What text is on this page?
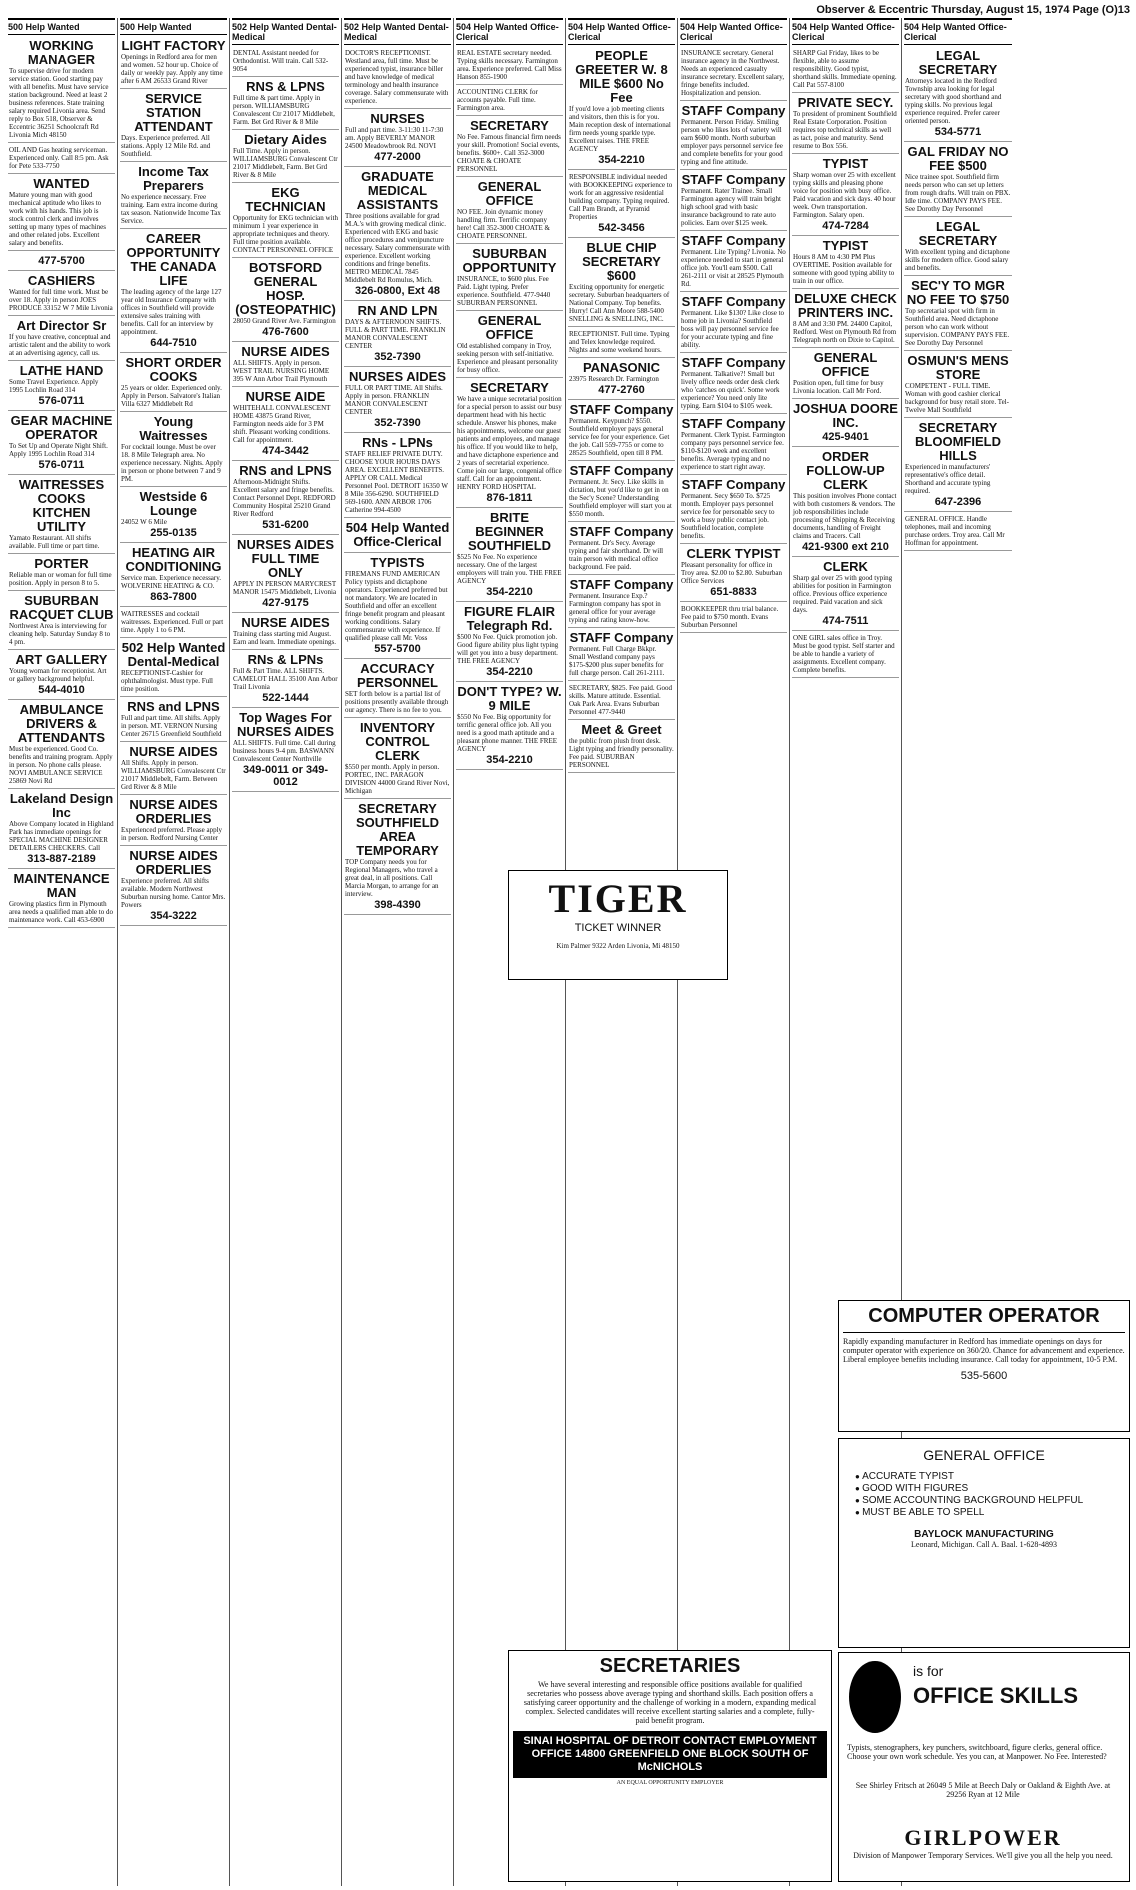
Observer & Eccentric Thursday, August 15, 1974 Page (O)13
500 Help Wanted
WORKING MANAGER
To supervise drive for modern service station. Good starting pay with all benefits. Must have service station background. Need at least 2 business references. State training salary required Livonia area. Send reply to Box 518, Observer & Eccentric 36251 Schoolcraft Rd Livonia Mich 48150
OIL AND Gas heating serviceman. Experienced only. Call 8:5 pm. Ask for Pete 533-7750
WANTED
Mature young man with good mechanical aptitude who likes to work with his hands. This job is stock control clerk and involves setting up many types of machines and other related jobs. Excellent salary and benefits.
477-5700
CASHIERS
Wanted for full time work. Must be over 18. Apply in person JOES PRODUCE 33152 W 7 Mile Livonia
Art Director Sr
If you have creative, conceptual and artistic talent and the ability to work at an advertising agency, call us.
LATHE HAND
Some Travel Experience. Apply 1995 Lochlin Road 314
576-0711
GEAR MACHINE OPERATOR
To Set Up and Operate Night Shift. Apply 1995 Lochlin Road 314
576-0711
WAITRESSES COOKS KITCHEN UTILITY
Yamato Restaurant. All shifts available. Full time or part time.
PORTER
Reliable man or woman for full time position. Apply in person 8 to 5.
SUBURBAN RACQUET CLUB
Northwest Area is interviewing for cleaning help. Saturday Sunday 8 to 4 pm.
ART GALLERY
Young woman for receptionist. Art or gallery background helpful.
544-4010
AMBULANCE DRIVERS & ATTENDANTS
Must be experienced. Good Co. benefits and training program. Apply in person. No phone calls please. NOVI AMBULANCE SERVICE 25869 Novi Rd
Lakeland Design Inc
Above Company located in Highland Park has immediate openings for SPECIAL MACHINE DESIGNER DETAILERS CHECKERS. Call
313-887-2189
MAINTENANCE MAN
Growing plastics firm in Plymouth area needs a qualified man able to do maintenance work. Call 453-6900
500 Help Wanted
LIGHT FACTORY
Openings in Redford area for men and women. 52 hour up. Choice of daily or weekly pay. Apply any time after 6 AM 26533 Grand River
SERVICE STATION ATTENDANT
Days. Experience preferred. All stations. Apply 12 Mile Rd. and Southfield.
Income Tax Preparers
No experience necessary. Free training. Earn extra income during tax season. Nationwide Income Tax Service.
CAREER OPPORTUNITY THE CANADA LIFE
The leading agency of the large 127 year old Insurance Company with offices in Southfield will provide extensive sales training with benefits. Call for an interview by appointment.
644-7510
SHORT ORDER COOKS
25 years or older. Experienced only. Apply in Person. Salvatore's Italian Villa 6327 Middlebelt Rd
Young Waitresses
For cocktail lounge. Must be over 18. 8 Mile Telegraph area. No experience necessary. Nights. Apply in person or phone between 7 and 9 PM.
Westside 6 Lounge
24052 W 6 Mile
255-0135
HEATING AIR CONDITIONING
Service man. Experience necessary. WOLVERINE HEATING & CO.
863-7800
WAITRESSES and cocktail waitresses. Experienced. Full or part time. Apply 1 to 6 PM.
502 Help Wanted Dental-Medical
RECEPTIONIST-Cashier for ophthalmologist. Must type. Full time position.
RNS and LPNS
Full and part time. All shifts. Apply in person. MT. VERNON Nursing Center 26715 Greenfield Southfield
NURSE AIDES
All Shifts. Apply in person. WILLIAMSBURG Convalescent Ctr 21017 Middlebelt, Farm. Between Grd River & 8 Mile
NURSE AIDES ORDERLIES
Experienced preferred. Please apply in person. Redford Nursing Center
NURSE AIDES ORDERLIES
Experience preferred. All shifts available. Modern Northwest Suburban nursing home. Cantor Mrs. Powers
354-3222
502 Help Wanted Dental-Medical
DENTAL Assistant needed for Orthodontist. Will train. Call 532-9054
RNS & LPNS
Full time & part time. Apply in person. WILLIAMSBURG Convalescent Ctr 21017 Middlebelt, Farm. Bet Grd River & 8 Mile
Dietary Aides
Full Time. Apply in person. WILLIAMSBURG Convalescent Ctr 21017 Middlebelt, Farm. Bet Grd River & 8 Mile
EKG TECHNICIAN
Opportunity for EKG technician with minimum 1 year experience in appropriate techniques and theory. Full time position available. CONTACT PERSONNEL OFFICE
BOTSFORD GENERAL HOSP. (OSTEOPATHIC)
28050 Grand River Ave. Farmington
476-7600
NURSE AIDES
ALL SHIFTS. Apply in person. WEST TRAIL NURSING HOME 395 W Ann Arbor Trail Plymouth
NURSE AIDE
WHITEHALL CONVALESCENT HOME 43875 Grand River, Farmington needs aide for 3 PM shift. Pleasant working conditions. Call for appointment.
474-3442
RNS and LPNS
Afternoon-Midnight Shifts. Excellent salary and fringe benefits. Contact Personnel Dept. REDFORD Community Hospital 25210 Grand River Redford
531-6200
NURSES AIDES FULL TIME ONLY
APPLY IN PERSON MARYCREST MANOR 15475 Middlebelt, Livonia
427-9175
NURSE AIDES
Training class starting mid August. Earn and learn. Immediate openings.
RNs & LPNs
Full & Part Time. ALL SHIFTS. CAMELOT HALL 35100 Ann Arbor Trail Livonia
522-1444
Top Wages For NURSES AIDES
ALL SHIFTS. Full time. Call during business hours 9-4 pm. BASWANN Convalescent Center Northville
349-0011 or 349-0012
502 Help Wanted Dental-Medical
DOCTOR'S RECEPTIONIST. Westland area, full time. Must be experienced typist, insurance biller and have knowledge of medical terminology and health insurance coverage. Salary commensurate with experience.
NURSES
Full and part time. 3-11:30 11-7:30 am. Apply BEVERLY MANOR 24500 Meadowbrook Rd. NOVI
477-2000
GRADUATE MEDICAL ASSISTANTS
Three positions available for grad M.A.'s with growing medical clinic. Experienced with EKG and basic office procedures and venipuncture necessary. Salary commensurate with experience. Excellent working conditions and fringe benefits. METRO MEDICAL 7845 Middlebelt Rd Romulus, Mich.
326-0800, Ext 48
RN AND LPN
DAYS & AFTERNOON SHIFTS. FULL & PART TIME. FRANKLIN MANOR CONVALESCENT CENTER
352-7390
NURSES AIDES
FULL OR PART TIME. All Shifts. Apply in person. FRANKLIN MANOR CONVALESCENT CENTER
352-7390
RNs - LPNs
STAFF RELIEF PRIVATE DUTY. CHOOSE YOUR HOURS DAYS AREA. EXCELLENT BENEFITS. APPLY OR CALL Medical Personnel Pool. DETROIT 16350 W 8 Mile 356-6290. SOUTHFIELD 569-1600. ANN ARBOR 1706 Catherine 994-4500
504 Help Wanted Office-Clerical
TYPISTS
FIREMANS FUND AMERICAN Policy typists and dictaphone operators. Experienced preferred but not mandatory. We are located in Southfield and offer an excellent fringe benefit program and pleasant working conditions. Salary commensurate with experience. If qualified please call Mr. Voss
557-5700
ACCURACY PERSONNEL
SET forth below is a partial list of positions presently available through our agency. There is no fee to you.
INVENTORY CONTROL CLERK
$550 per month. Apply in person. PORTEC, INC. PARAGON DIVISION 44000 Grand River Novi, Michigan
SECRETARY SOUTHFIELD AREA TEMPORARY
TOP Company needs you for Regional Managers, who travel a great deal, in all positions. Call Marcia Morgan, to arrange for an interview.
398-4390
504 Help Wanted Office-Clerical
REAL ESTATE secretary needed. Typing skills necessary. Farmington area. Experience preferred. Call Miss Hanson 855-1900
ACCOUNTING CLERK for accounts payable. Full time. Farmington area.
SECRETARY
No Fee. Famous financial firm needs your skill. Promotion! Social events, benefits. $600+. Call 352-3000 CHOATE & CHOATE PERSONNEL
GENERAL OFFICE
NO FEE. Join dynamic money handling firm. Terrific company here! Call 352-3000 CHOATE & CHOATE PERSONNEL
SUBURBAN OPPORTUNITY
INSURANCE, to $600 plus. Fee Paid. Light typing. Prefer experience. Southfield. 477-9440 SUBURBAN PERSONNEL
GENERAL OFFICE
Old established company in Troy, seeking person with self-initiative. Experience and pleasant personality for busy office.
SECRETARY
We have a unique secretarial position for a special person to assist our busy department head with his hectic schedule. Answer his phones, make his appointments, welcome our guest patients and employees, and manage his office. If you would like to help, and have dictaphone experience and 2 years of secretarial experience. Come join our large, congenial office staff. Call for an appointment. HENRY FORD HOSPITAL
876-1811
BRITE BEGINNER SOUTHFIELD
$525 No Fee. No experience necessary. One of the largest employers will train you. THE FREE AGENCY
354-2210
FIGURE FLAIR Telegraph Rd.
$500 No Fee. Quick promotion job. Good figure ability plus light typing will get you into a busy department. THE FREE AGENCY
354-2210
DON'T TYPE? W. 9 MILE
$550 No Fee. Big opportunity for terrific general office job. All you need is a good math aptitude and a pleasant phone manner. THE FREE AGENCY
354-2210
504 Help Wanted Office-Clerical
PEOPLE GREETER W. 8 MILE $600 No Fee
If you'd love a job meeting clients and visitors, then this is for you. Main reception desk of international firm needs young sparkle type. Excellent raises. THE FREE AGENCY
354-2210
RESPONSIBLE individual needed with BOOKKEEPING experience to work for an aggressive residential building company. Typing required. Call Pam Brandt, at Pyramid Properties
542-3456
BLUE CHIP SECRETARY $600
Exciting opportunity for energetic secretary. Suburban headquarters of National Company. Top benefits. Hurry! Call Ann Moore 588-5400 SNELLING & SNELLING, INC.
RECEPTIONIST. Full time. Typing and Telex knowledge required. Nights and some weekend hours.
PANASONIC
23975 Research Dr. Farmington
477-2760
STAFF Company
Permanent. Keypunch? $550. Southfield employer pays general service fee for your experience. Get the job. Call 559-7755 or come to 28525 Southfield, open till 8 PM.
STAFF Company
Permanent. Jr. Secy. Like skills in dictation, but you'd like to get in on the Sec'y Scene? Understanding Southfield employer will start you at $550 month.
STAFF Company
Permanent. Dr's Secy. Average typing and fair shorthand. Dr will train person with medical office background. Fee paid.
STAFF Company
Permanent. Insurance Exp.? Farmington company has spot in general office for your average typing and rating know-how.
STAFF Company
Permanent. Full Charge Bkkpr. Small Westland company pays $175-$200 plus super benefits for full charge person. Call 261-2111.
SECRETARY, $825. Fee paid. Good skills. Mature attitude. Essential. Oak Park Area. Evans Suburban Personnel 477-9440
Meet & Greet
the public from plush front desk. Light typing and friendly personality. Fee paid. SUBURBAN PERSONNEL
504 Help Wanted Office-Clerical
INSURANCE secretary. General insurance agency in the Northwest. Needs an experienced casualty insurance secretary. Excellent salary, fringe benefits included. Hospitalization and pension.
STAFF Company
Permanent. Person Friday. Smiling person who likes lots of variety will earn $600 month. North suburban employer pays personnel service fee and complete benefits for your good typing and fine attitude.
STAFF Company
Permanent. Rater Trainee. Small Farmington agency will train bright high school grad with basic insurance background to rate auto policies. Earn over $125 week.
STAFF Company
Permanent. Lite Typing? Livonia. No experience needed to start in general office job. You'll earn $500. Call 261-2111 or visit at 28525 Plymouth Rd.
STAFF Company
Permanent. Like $130? Like close to home job in Livonia? Southfield boss will pay personnel service fee for your accurate typing and fine ability.
STAFF Company
Permanent. Talkative?! Small but lively office needs order desk clerk who 'catches on quick'. Some work experience? You need only lite typing. Earn $104 to $105 week.
STAFF Company
Permanent. Clerk Typist. Farmington company pays personnel service fee. $110-$120 week and excellent benefits. Average typing and no experience to start right away.
STAFF Company
Permanent. Secy $650 To. $725 month. Employer pays personnel service fee for personable secy to work a busy public contact job. Southfield location, complete benefits.
CLERK TYPIST
Pleasant personality for office in Troy area. $2.00 to $2.80. Suburban Office Services
651-8833
BOOKKEEPER thru trial balance. Fee paid to $750 month. Evans Suburban Personnel
504 Help Wanted Office-Clerical
SHARP Gal Friday, likes to be flexible, able to assume responsibility. Good typist, shorthand skills. Immediate opening. Call Pat 557-8100
PRIVATE SECY.
To president of prominent Southfield Real Estate Corporation. Position requires top technical skills as well as tact, poise and maturity. Send resume to Box 556.
TYPIST
Sharp woman over 25 with excellent typing skills and pleasing phone voice for position with busy office. Paid vacation and sick days. 40 hour week. Own transportation. Farmington. Salary open.
474-7284
TYPIST
Hours 8 AM to 4:30 PM Plus OVERTIME. Position available for someone with good typing ability to train in our office.
DELUXE CHECK PRINTERS INC.
8 AM and 3:30 PM. 24400 Capitol, Redford. West on Plymouth Rd from Telegraph north on Dixie to Capitol.
GENERAL OFFICE
Position open, full time for busy Livonia location. Call Mr Ford.
JOSHUA DOORE INC.
425-9401
ORDER FOLLOW-UP CLERK
This position involves Phone contact with both customers & vendors. The job responsibilities include processing of Shipping & Receiving documents, handling of Freight claims and Tracers. Call
421-9300 ext 210
CLERK
Sharp gal over 25 with good typing abilities for position in Farmington office. Previous office experience required. Paid vacation and sick days.
474-7511
ONE GIRL sales office in Troy. Must be good typist. Self starter and be able to handle a variety of assignments. Excellent company. Complete benefits.
504 Help Wanted Office-Clerical
LEGAL SECRETARY
Attorneys located in the Redford Township area looking for legal secretary with good shorthand and typing skills. No previous legal experience required. Prefer career oriented person.
534-5771
GAL FRIDAY NO FEE $500
Nice trainee spot. Southfield firm needs person who can set up letters from rough drafts. Will train on PBX. Idle time. COMPANY PAYS FEE. See Dorothy Day Personnel
LEGAL SECRETARY
With excellent typing and dictaphone skills for modern office. Good salary and benefits.
SEC'Y TO MGR NO FEE TO $750
Top secretarial spot with firm in Southfield area. Need dictaphone person who can work without supervision. COMPANY PAYS FEE. See Dorothy Day Personnel
OSMUN'S MENS STORE
COMPETENT - FULL TIME. Woman with good cashier clerical background for busy retail store. Tel-Twelve Mall Southfield
SECRETARY BLOOMFIELD HILLS
Experienced in manufacturers' representative's office detail. Shorthand and accurate typing required.
647-2396
GENERAL OFFICE. Handle telephones, mail and incoming purchase orders. Troy area. Call Mr Hoffman for appointment.
TIGER
TICKET WINNER
Kim Palmer 9322 Arden Livonia, Mi 48150
COMPUTER OPERATOR
Rapidly expanding manufacturer in Redford has immediate openings on days for computer operator with experience on 360/20. Chance for advancement and experience. Liberal employee benefits including insurance. Call today for appointment, 10-5 P.M.
535-5600
GENERAL OFFICE
● ACCURATE TYPIST
● GOOD WITH FIGURES
● SOME ACCOUNTING BACKGROUND HELPFUL
● MUST BE ABLE TO SPELL
BAYLOCK MANUFACTURING
Leonard, Michigan. Call A. Baal. 1-628-4893
SECRETARIES
We have several interesting and responsible office positions available for qualified secretaries who possess above average typing and shorthand skills. Each position offers a satisfying career opportunity and the challenge of working in a modern, expanding medical complex. Selected candidates will receive excellent starting salaries and a complete, fully-paid benefit program.
SINAI HOSPITAL OF DETROIT CONTACT EMPLOYMENT OFFICE 14800 GREENFIELD ONE BLOCK SOUTH OF McNICHOLS
AN EQUAL OPPORTUNITY EMPLOYER
is for
OFFICE SKILLS
Typists, stenographers, key punchers, switchboard, figure clerks, general office. Choose your own work schedule. Yes you can, at Manpower. No Fee. Interested?
See Shirley Fritsch at 26049 5 Mile at Beech Daly or Oakland & Eighth Ave. at 29256 Ryan at 12 Mile
GIRLPOWER
Division of Manpower Temporary Services. We'll give you all the help you need.
